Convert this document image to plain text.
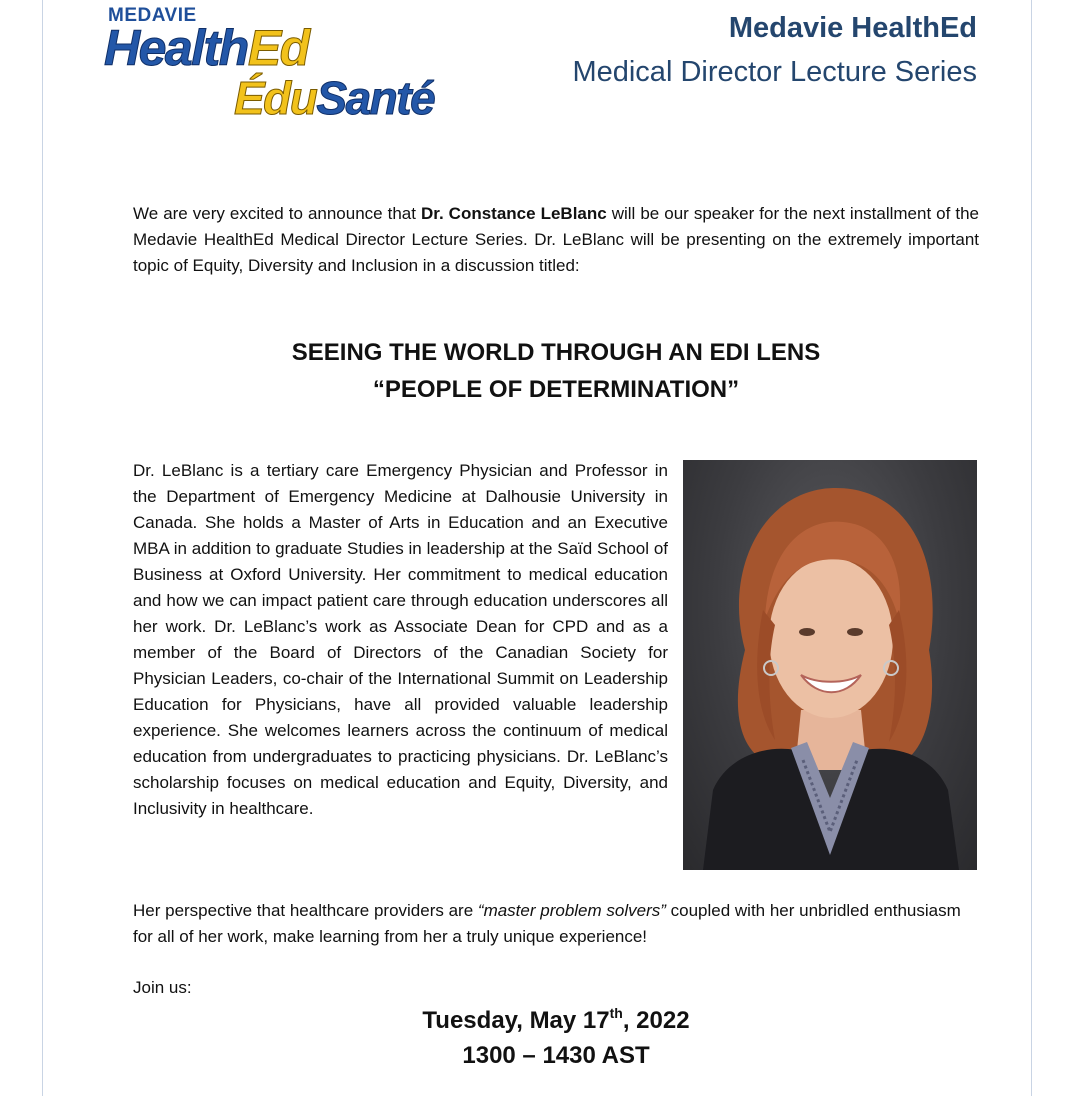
MEDAVIE
HealthEd
ÉduSanté
Medavie HealthEd
Medical Director Lecture Series

We are very excited to announce that Dr. Constance LeBlanc will be our speaker for the next installment of the Medavie HealthEd Medical Director Lecture Series. Dr. LeBlanc will be presenting on the extremely important topic of Equity, Diversity and Inclusion in a discussion titled:

SEEING THE WORLD THROUGH AN EDI LENS
“PEOPLE OF DETERMINATION”

Dr. LeBlanc is a tertiary care Emergency Physician and Professor in the Department of Emergency Medicine at Dalhousie University in Canada. She holds a Master of Arts in Education and an Executive MBA in addition to graduate Studies in leadership at the Saïd School of Business at Oxford University. Her commitment to medical education and how we can impact patient care through education underscores all her work. Dr. LeBlanc’s work as Associate Dean for CPD and as a member of the Board of Directors of the Canadian Society for Physician Leaders, co-chair of the International Summit on Leadership Education for Physicians, have all provided valuable leadership experience. She welcomes learners across the continuum of medical education from undergraduates to practicing physicians. Dr. LeBlanc’s scholarship focuses on medical education and Equity, Diversity, and Inclusivity in healthcare.

Her perspective that healthcare providers are “master problem solvers” coupled with her unbridled enthusiasm for all of her work, make learning from her a truly unique experience!

Join us:
Tuesday, May 17th, 2022
1300 – 1430 AST
